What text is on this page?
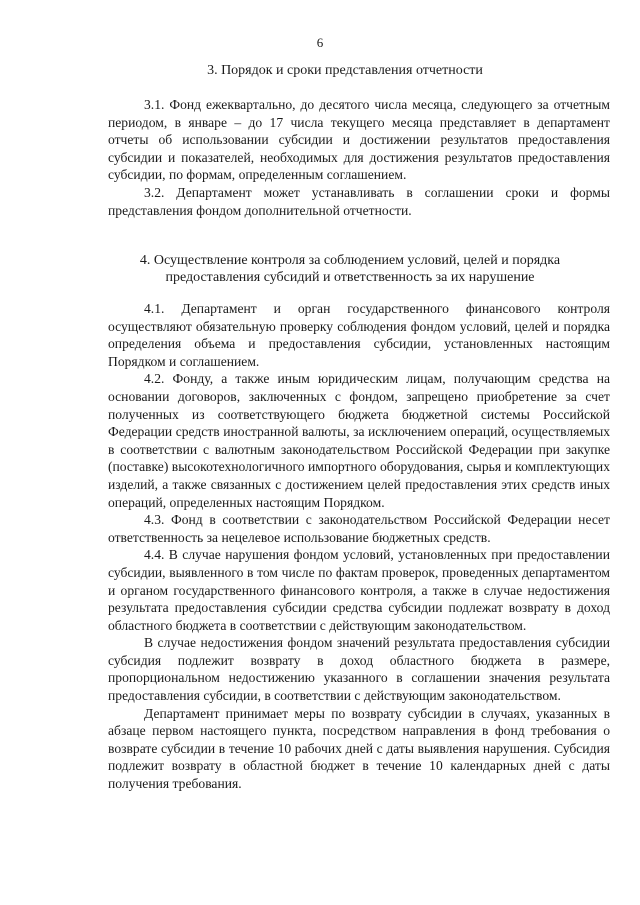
6
3. Порядок и сроки представления отчетности

3.1. Фонд ежеквартально, до десятого числа месяца, следующего за отчетным периодом, в январе – до 17 числа текущего месяца представляет в департамент отчеты об использовании субсидии и достижении результатов предоставления субсидии и показателей, необходимых для достижения результатов предоставления субсидии, по формам, определенным соглашением.

3.2. Департамент может устанавливать в соглашении сроки и формы представления фондом дополнительной отчетности.

4. Осуществление контроля за соблюдением условий, целей и порядка
предоставления субсидий и ответственность за их нарушение

4.1. Департамент и орган государственного финансового контроля осуществляют обязательную проверку соблюдения фондом условий, целей и порядка определения объема и предоставления субсидии, установленных настоящим Порядком и соглашением.

4.2. Фонду, а также иным юридическим лицам, получающим средства на основании договоров, заключенных с фондом, запрещено приобретение за счет полученных из соответствующего бюджета бюджетной системы Российской Федерации средств иностранной валюты, за исключением операций, осуществляемых в соответствии с валютным законодательством Российской Федерации при закупке (поставке) высокотехнологичного импортного оборудования, сырья и комплектующих изделий, а также связанных с достижением целей предоставления этих средств иных операций, определенных настоящим Порядком.

4.3. Фонд в соответствии с законодательством Российской Федерации несет ответственность за нецелевое использование бюджетных средств.

4.4. В случае нарушения фондом условий, установленных при предоставлении субсидии, выявленного в том числе по фактам проверок, проведенных департаментом и органом государственного финансового контроля, а также в случае недостижения результата предоставления субсидии средства субсидии подлежат возврату в доход областного бюджета в соответствии с действующим законодательством.

В случае недостижения фондом значений результата предоставления субсидии субсидия подлежит возврату в доход областного бюджета в размере, пропорциональном недостижению указанного в соглашении значения результата предоставления субсидии, в соответствии с действующим законодательством.

Департамент принимает меры по возврату субсидии в случаях, указанных в абзаце первом настоящего пункта, посредством направления в фонд требования о возврате субсидии в течение 10 рабочих дней с даты выявления нарушения. Субсидия подлежит возврату в областной бюджет в течение 10 календарных дней с даты получения требования.
